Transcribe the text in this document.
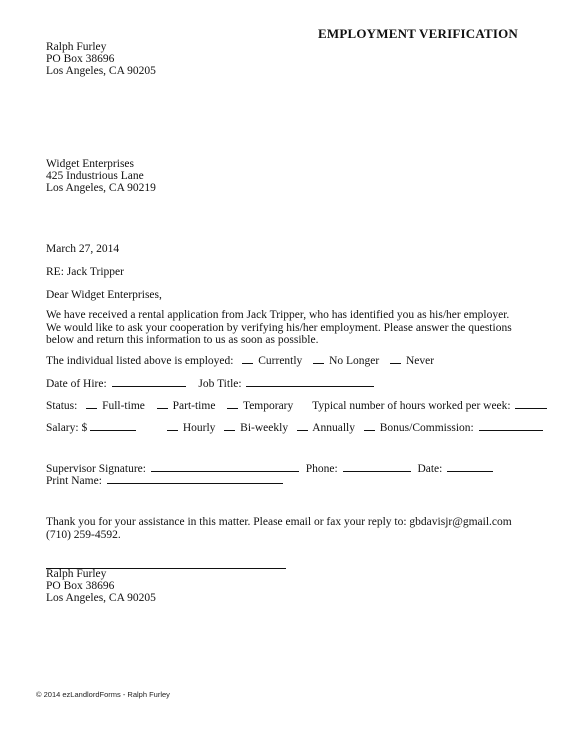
EMPLOYMENT VERIFICATION
Ralph Furley
PO Box 38696
Los Angeles, CA 90205
Widget Enterprises
425 Industrious Lane
Los Angeles, CA 90219
March 27, 2014
RE: Jack Tripper
Dear Widget Enterprises,
We have received a rental application from Jack Tripper, who has identified you as his/her employer. We would like to ask your cooperation by verifying his/her employment. Please answer the questions below and return this information to us as soon as possible.
The individual listed above is employed: Currently No Longer Never
Date of Hire:	Job Title:
Status: Full-time Part-time Temporary Typical number of hours worked per week:
Salary: $	Hourly Bi-weekly Annually Bonus/Commission:
Supervisor Signature:	Phone:	Date:
Print Name:
Thank you for your assistance in this matter. Please email or fax your reply to: gbdavisjr@gmail.com (710) 259-4592.
Ralph Furley
PO Box 38696
Los Angeles, CA 90205
© 2014 ezLandlordForms - Ralph Furley
